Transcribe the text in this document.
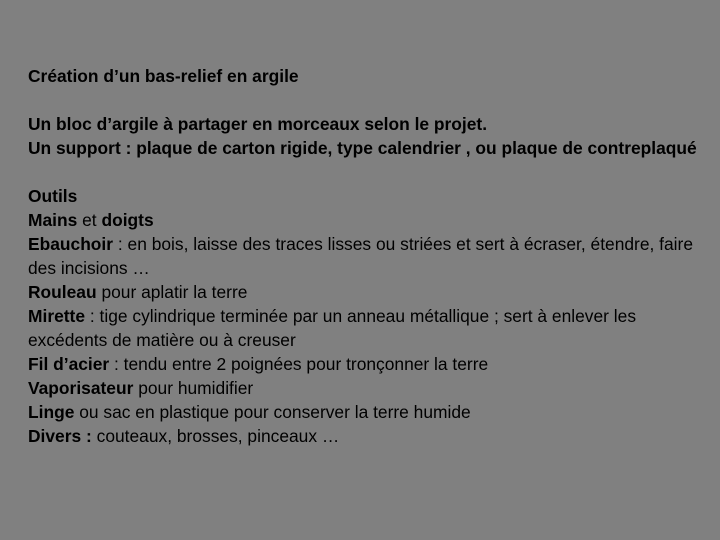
Création d’un bas-relief en argile

Un bloc d’argile à partager en morceaux selon le projet.

Un support : plaque de carton rigide, type calendrier , ou plaque de contreplaqué

Outils

Mains et doigts

Ebauchoir : en bois, laisse des traces lisses ou striées et sert à écraser, étendre, faire des incisions …

Rouleau pour aplatir la terre

Mirette : tige cylindrique terminée par un anneau métallique ; sert à enlever les excédents de matière ou à creuser

Fil d’acier : tendu entre 2 poignées pour tronçonner la terre

Vaporisateur pour humidifier

Linge ou sac en plastique pour conserver la terre humide

Divers : couteaux, brosses, pinceaux …
